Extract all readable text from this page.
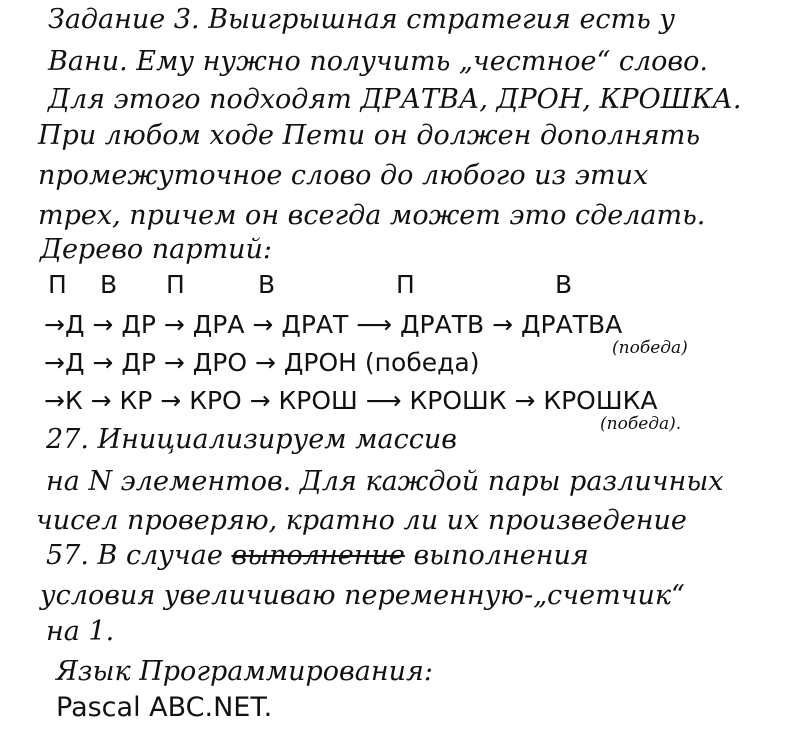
Задание 3. Выигрышная стратегия есть у
Вани. Ему нужно получить „честное“ слово.
Для этого подходят ДРАТВА, ДРОН, КРОШКА.
При любом ходе Пети он должен дополнять
промежуточное слово до любого из этих
трех, причем он всегда может это сделать.
Дерево партий:
П В П	В	П	В
→Д → ДР → ДРА → ДРАТ ⟶ ДРАТВ → ДРАТВА
(победа)
→Д → ДР → ДРО → ДРОН (победа)
→К → КР → КРО → КРОШ ⟶ КРОШК → КРОШКА
(победа).
27. Инициализируем массив
на N элементов. Для каждой пары различных
чисел проверяю, кратно ли их произведение
57. В случае выполнение выполнения
условия увеличиваю переменную-„счетчик“
на 1.
Язык Программирования:
Pascal ABC.NET.
